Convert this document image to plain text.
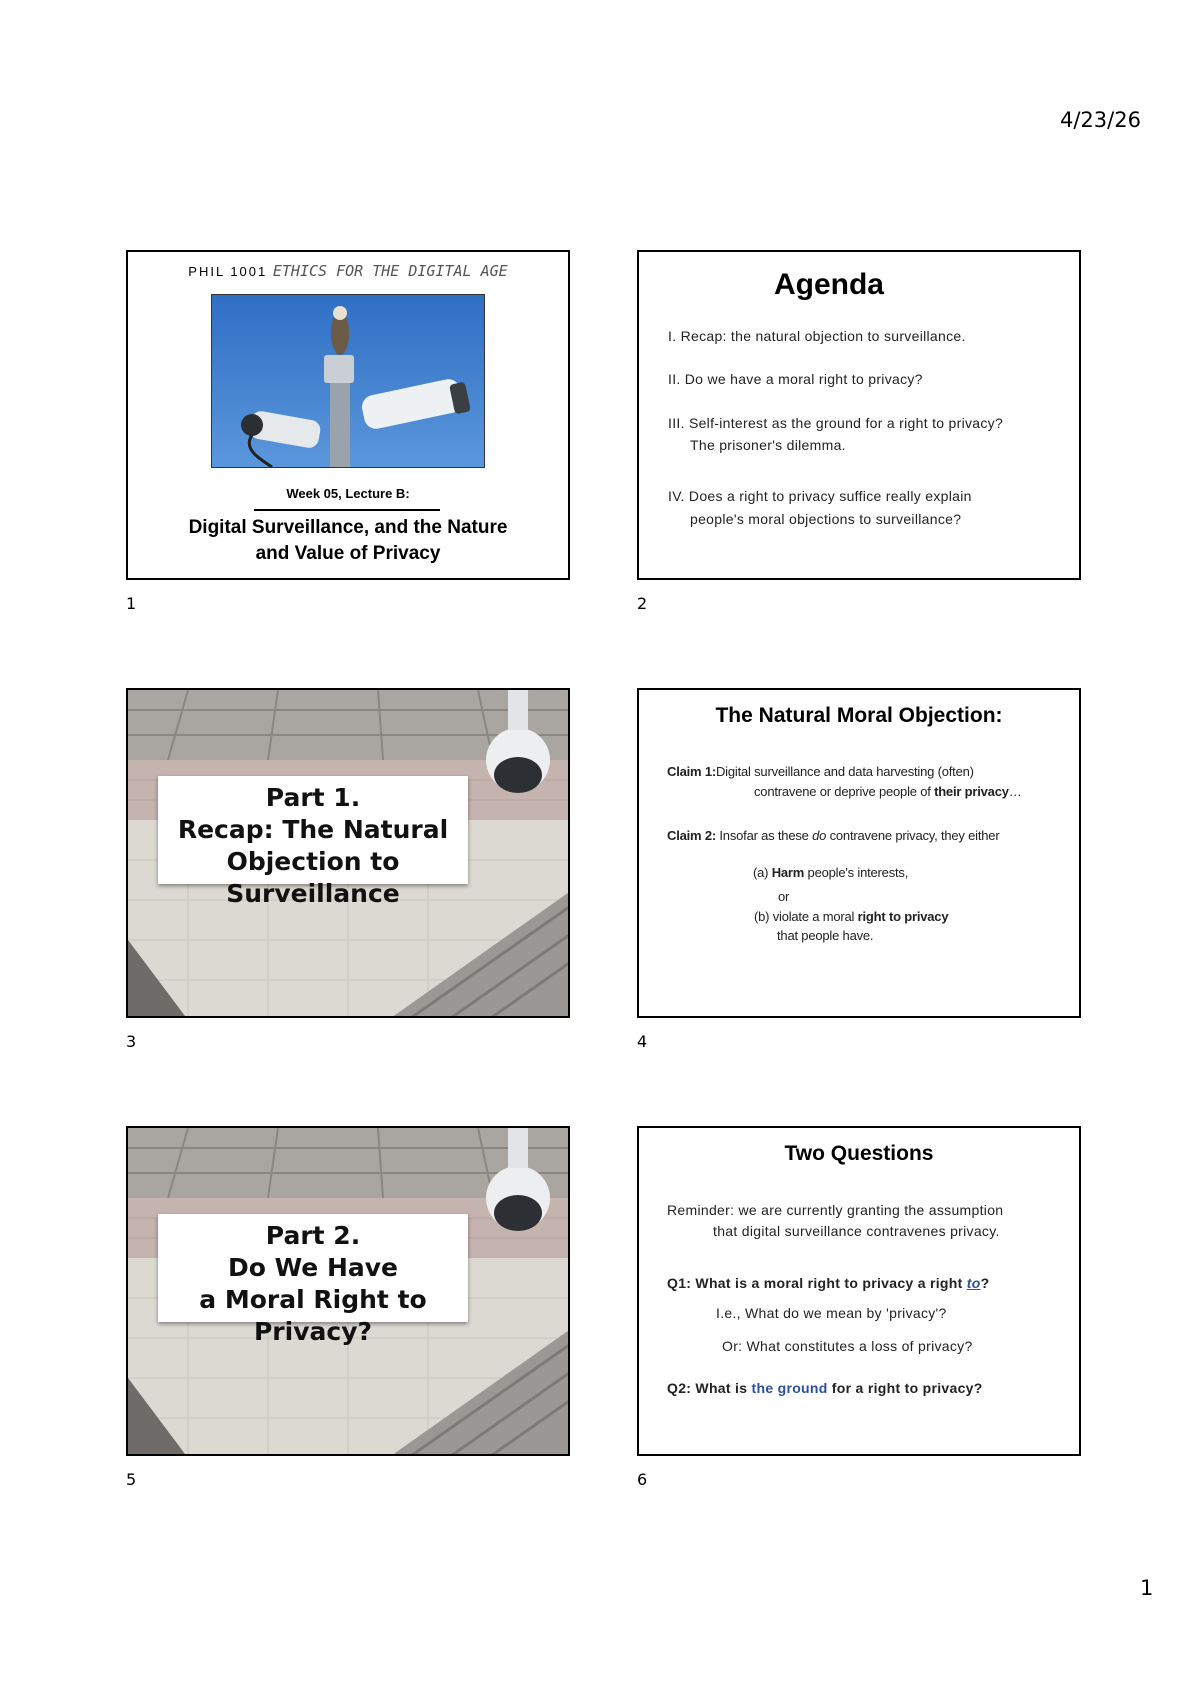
4/23/26
PHIL 1001 ETHICS FOR THE DIGITAL AGE
Week 05, Lecture B:
Digital Surveillance, and the Nature
and Value of Privacy
1
Agenda
I. Recap: the natural objection to surveillance.
II. Do we have a moral right to privacy?
III. Self-interest as the ground for a right to privacy?
The prisoner's dilemma.
IV. Does a right to privacy suffice really explain
people's moral objections to surveillance?
2
Part 1.
Recap: The Natural
Objection to Surveillance
3
The Natural Moral Objection:
Claim 1:Digital surveillance and data harvesting (often)
contravene or deprive people of their privacy…
Claim 2: Insofar as these do contravene privacy, they either
(a) Harm people's interests,
or
(b) violate a moral right to privacy
that people have.
4
Part 2.
Do We Have
a Moral Right to Privacy?
5
Two Questions
Reminder: we are currently granting the assumption
that digital surveillance contravenes privacy.
Q1: What is a moral right to privacy a right to?
I.e., What do we mean by 'privacy'?
Or: What constitutes a loss of privacy?
Q2: What is the ground for a right to privacy?
6
1
